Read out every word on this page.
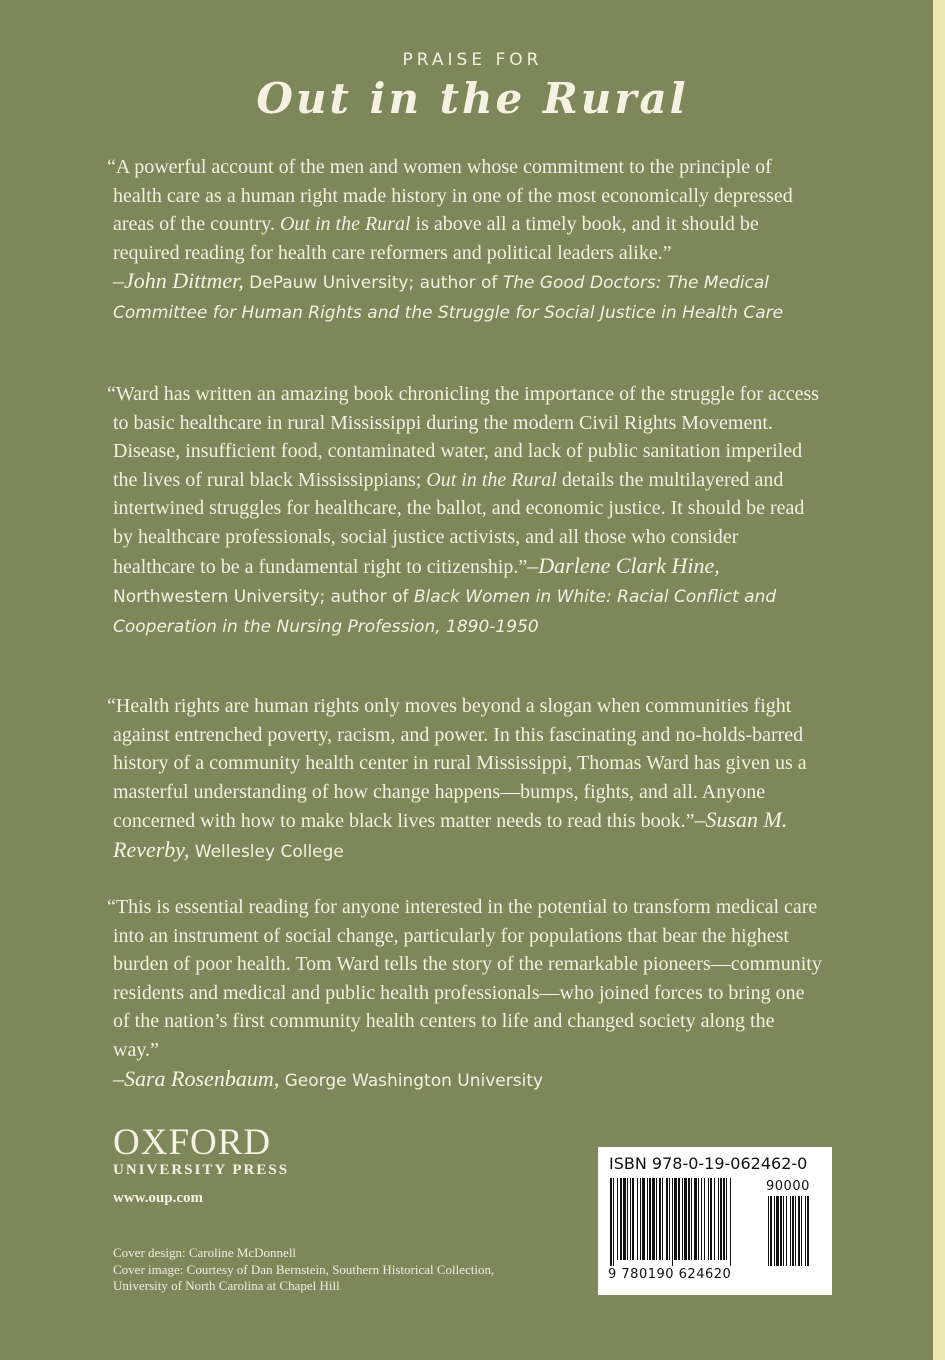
PRAISE FOR
Out in the Rural
“A powerful account of the men and women whose commitment to the principle of health care as a human right made history in one of the most economically depressed areas of the country. Out in the Rural is above all a timely book, and it should be required reading for health care reformers and political leaders alike.”
–John Dittmer, DePauw University; author of The Good Doctors: The Medical Committee for Human Rights and the Struggle for Social Justice in Health Care
“Ward has written an amazing book chronicling the importance of the struggle for access to basic healthcare in rural Mississippi during the modern Civil Rights Movement. Disease, insufficient food, contaminated water, and lack of public sanitation imperiled the lives of rural black Mississippians; Out in the Rural details the multilayered and intertwined struggles for healthcare, the ballot, and economic justice. It should be read by healthcare professionals, social justice activists, and all those who consider healthcare to be a fundamental right to citizenship.”–Darlene Clark Hine, Northwestern University; author of Black Women in White: Racial Conflict and Cooperation in the Nursing Profession, 1890-1950
“Health rights are human rights only moves beyond a slogan when communities fight against entrenched poverty, racism, and power. In this fascinating and no-holds-barred history of a community health center in rural Mississippi, Thomas Ward has given us a masterful understanding of how change happens—bumps, fights, and all. Anyone concerned with how to make black lives matter needs to read this book.”–Susan M. Reverby, Wellesley College
“This is essential reading for anyone interested in the potential to transform medical care into an instrument of social change, particularly for populations that bear the highest burden of poor health. Tom Ward tells the story of the remarkable pioneers—community residents and medical and public health professionals—who joined forces to bring one of the nation’s first community health centers to life and changed society along the way.”
–Sara Rosenbaum, George Washington University
OXFORD
UNIVERSITY PRESS
www.oup.com
Cover design: Caroline McDonnell
Cover image: Courtesy of Dan Bernstein, Southern Historical Collection,
University of North Carolina at Chapel Hill
ISBN 978-0-19-062462-0
9 780190 624620
90000
